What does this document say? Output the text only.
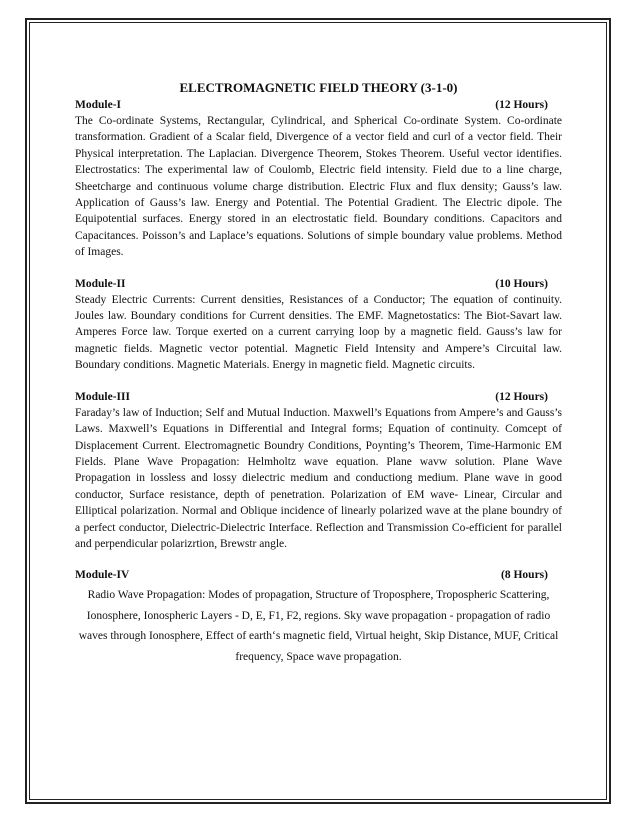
ELECTROMAGNETIC FIELD THEORY (3-1-0)
Module-I	(12 Hours)

The Co-ordinate Systems, Rectangular, Cylindrical, and Spherical Co-ordinate System. Co-ordinate transformation. Gradient of a Scalar field, Divergence of a vector field and curl of a vector field. Their Physical interpretation. The Laplacian. Divergence Theorem, Stokes Theorem. Useful vector identifies. Electrostatics: The experimental law of Coulomb, Electric field intensity. Field due to a line charge, Sheetcharge and continuous volume charge distribution. Electric Flux and flux density; Gauss’s law. Application of Gauss’s law. Energy and Potential. The Potential Gradient. The Electric dipole. The Equipotential surfaces. Energy stored in an electrostatic field. Boundary conditions. Capacitors and Capacitances. Poisson’s and Laplace’s equations. Solutions of simple boundary value problems. Method of Images.

Module-II	(10 Hours)

Steady Electric Currents: Current densities, Resistances of a Conductor; The equation of continuity. Joules law. Boundary conditions for Current densities. The EMF. Magnetostatics: The Biot-Savart law. Amperes Force law. Torque exerted on a current carrying loop by a magnetic field. Gauss’s law for magnetic fields. Magnetic vector potential. Magnetic Field Intensity and Ampere’s Circuital law. Boundary conditions. Magnetic Materials. Energy in magnetic field. Magnetic circuits.

Module-III	(12 Hours)

Faraday’s law of Induction; Self and Mutual Induction. Maxwell’s Equations from Ampere’s and Gauss’s Laws. Maxwell’s Equations in Differential and Integral forms; Equation of continuity. Comcept of Displacement Current. Electromagnetic Boundry Conditions, Poynting’s Theorem, Time-Harmonic EM Fields. Plane Wave Propagation: Helmholtz wave equation. Plane wavw solution. Plane Wave Propagation in lossless and lossy dielectric medium and conductiong medium. Plane wave in good conductor, Surface resistance, depth of penetration. Polarization of EM wave- Linear, Circular and Elliptical polarization. Normal and Oblique incidence of linearly polarized wave at the plane boundry of a perfect conductor, Dielectric-Dielectric Interface. Reflection and Transmission Co-efficient for parallel and perpendicular polarizrtion, Brewstr angle.

Module-IV	(8 Hours)

Radio Wave Propagation: Modes of propagation, Structure of Troposphere, Tropospheric Scattering, Ionosphere, Ionospheric Layers - D, E, F1, F2, regions. Sky wave propagation - propagation of radio waves through Ionosphere, Effect of earth‘s magnetic field, Virtual height, Skip Distance, MUF, Critical frequency, Space wave propagation.
